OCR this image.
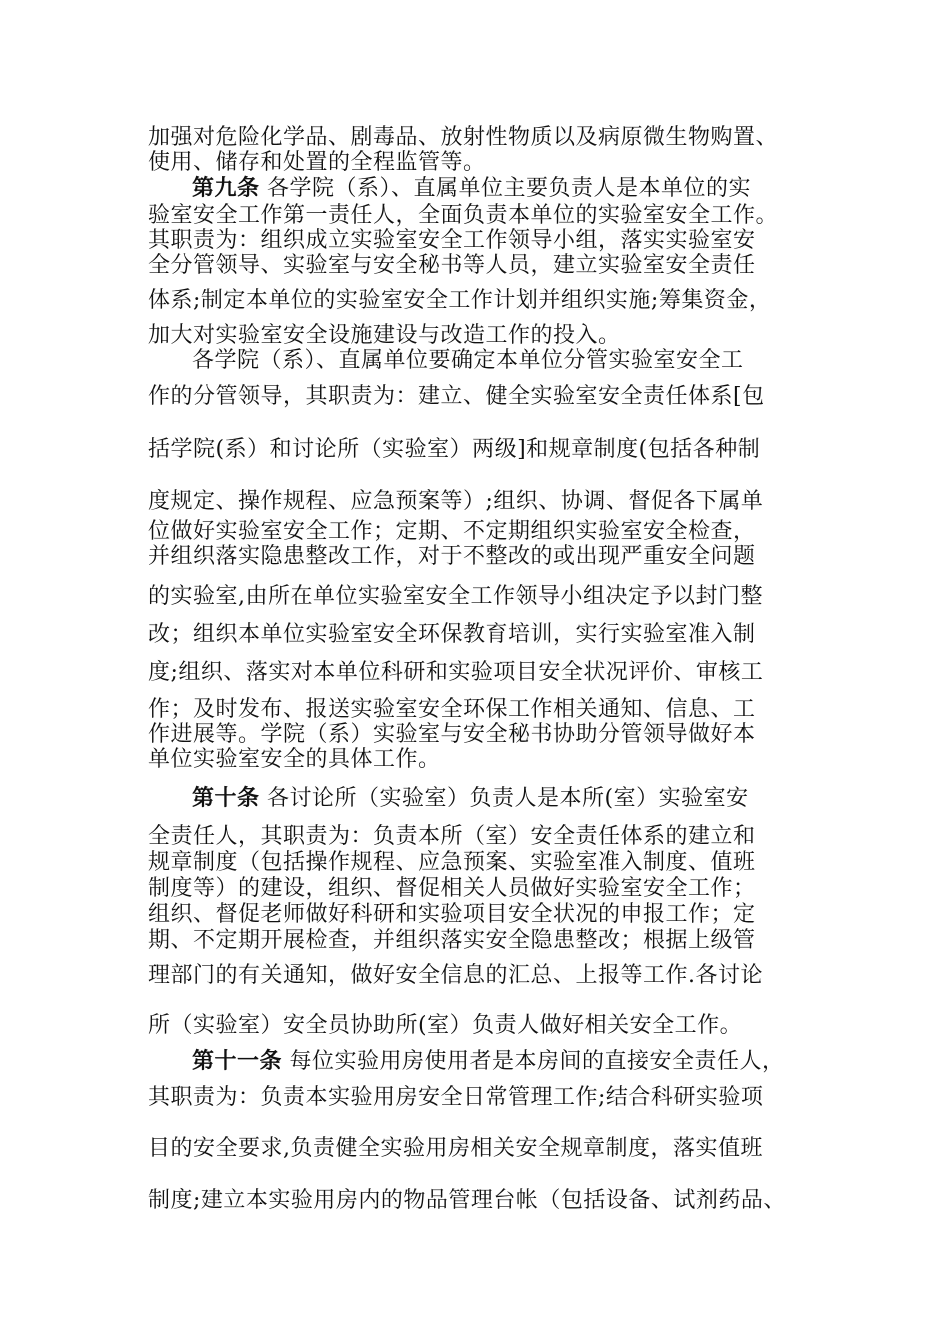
加强对危险化学品、剧毒品、放射性物质以及病原微生物购置、
使用、储存和处置的全程监管等。
第九条 各学院（系）、直属单位主要负责人是本单位的实
验室安全工作第一责任人，全面负责本单位的实验室安全工作。
其职责为：组织成立实验室安全工作领导小组，落实实验室安
全分管领导、实验室与安全秘书等人员，建立实验室安全责任
体系;制定本单位的实验室安全工作计划并组织实施;筹集资金，
加大对实验室安全设施建设与改造工作的投入。
各学院（系）、直属单位要确定本单位分管实验室安全工
作的分管领导，其职责为：建立、健全实验室安全责任体系[包
括学院(系）和讨论所（实验室）两级]和规章制度(包括各种制
度规定、操作规程、应急预案等）;组织、协调、督促各下属单
位做好实验室安全工作；定期、不定期组织实验室安全检查，
并组织落实隐患整改工作，对于不整改的或出现严重安全问题
的实验室,由所在单位实验室安全工作领导小组决定予以封门整
改；组织本单位实验室安全环保教育培训，实行实验室准入制
度;组织、落实对本单位科研和实验项目安全状况评价、审核工
作；及时发布、报送实验室安全环保工作相关通知、信息、工
作进展等。学院（系）实验室与安全秘书协助分管领导做好本
单位实验室安全的具体工作。
第十条 各讨论所（实验室）负责人是本所(室）实验室安
全责任人，其职责为：负责本所（室）安全责任体系的建立和
规章制度（包括操作规程、应急预案、实验室准入制度、值班
制度等）的建设，组织、督促相关人员做好实验室安全工作；
组织、督促老师做好科研和实验项目安全状况的申报工作；定
期、不定期开展检查，并组织落实安全隐患整改；根据上级管
理部门的有关通知，做好安全信息的汇总、上报等工作.各讨论
所（实验室）安全员协助所(室）负责人做好相关安全工作。
第十一条 每位实验用房使用者是本房间的直接安全责任人，
其职责为：负责本实验用房安全日常管理工作;结合科研实验项
目的安全要求,负责健全实验用房相关安全规章制度，落实值班
制度;建立本实验用房内的物品管理台帐（包括设备、试剂药品、
